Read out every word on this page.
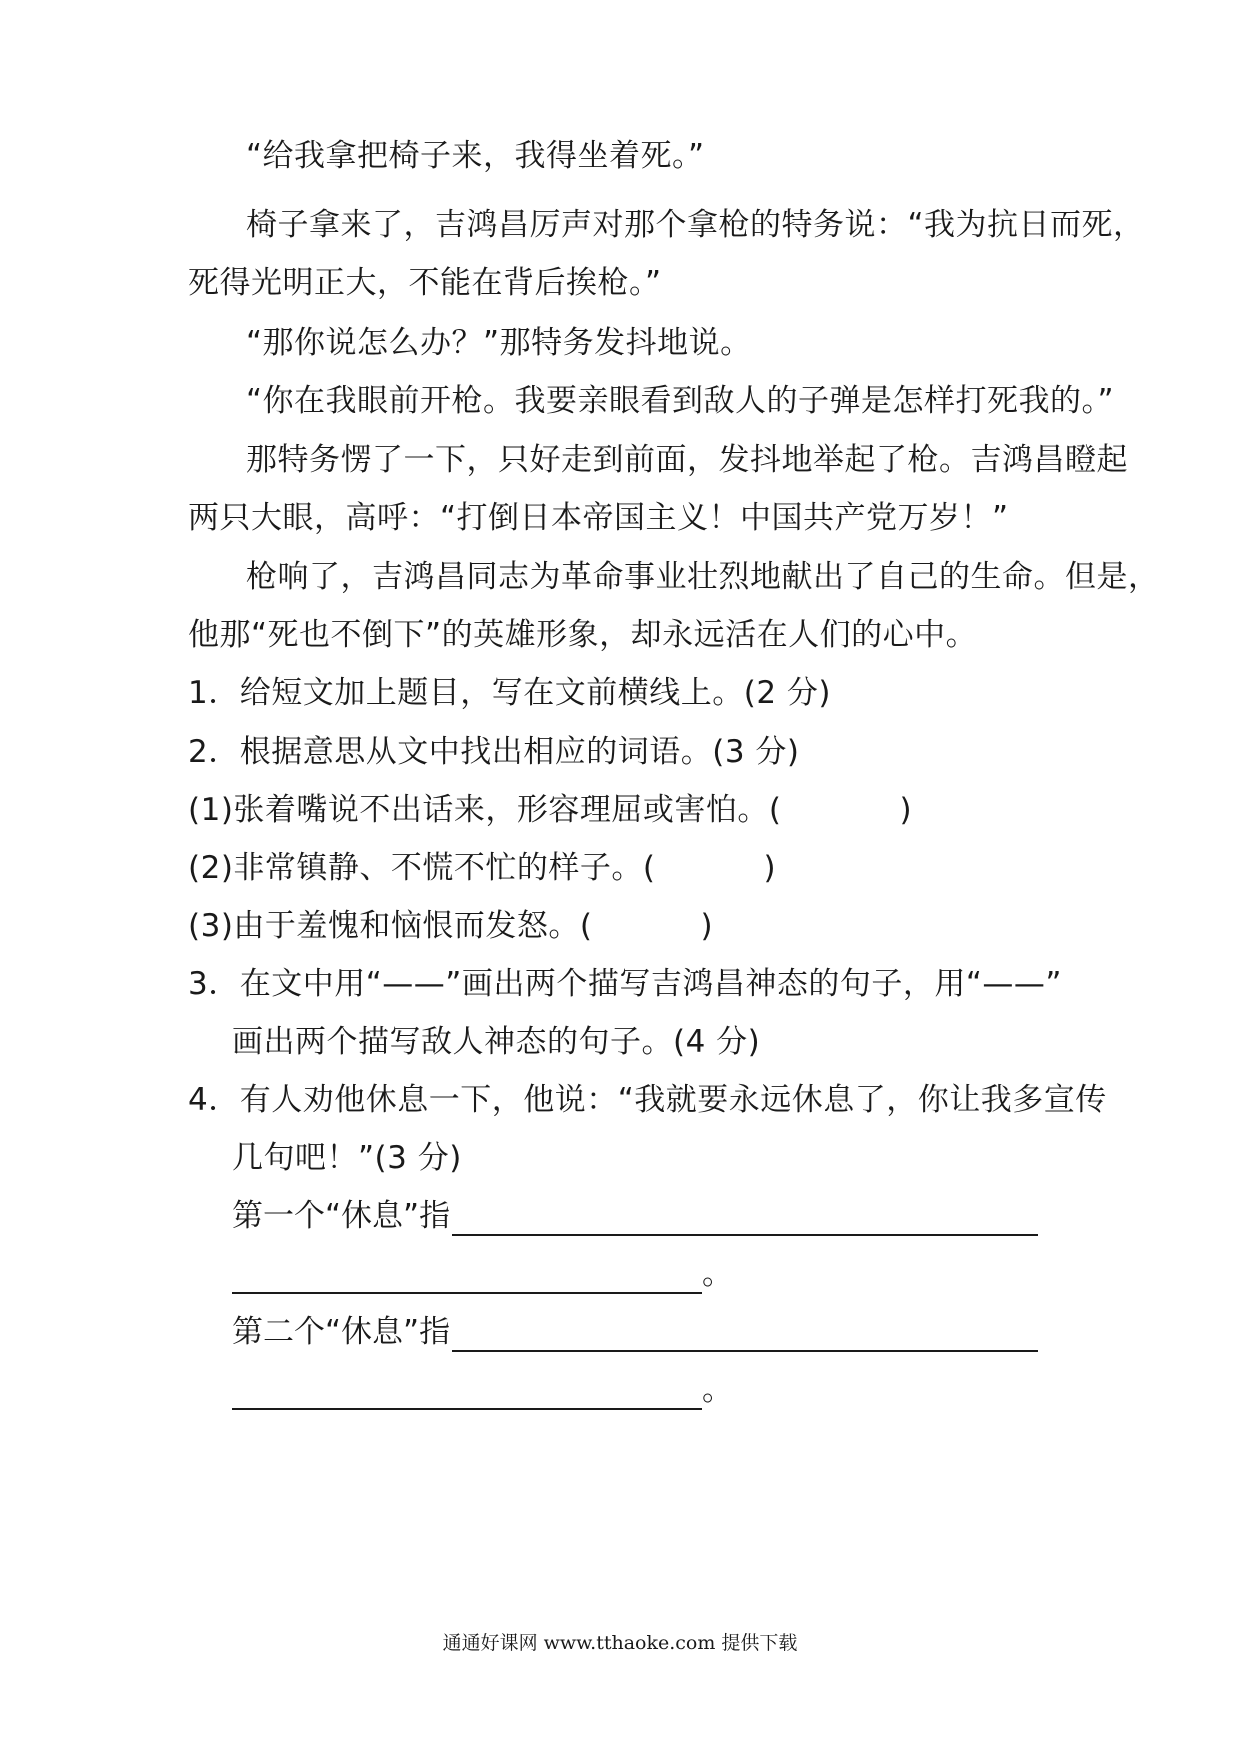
“给我拿把椅子来，我得坐着死。”
椅子拿来了，吉鸿昌厉声对那个拿枪的特务说：“我为抗日而死，
死得光明正大，不能在背后挨枪。”
“那你说怎么办？”那特务发抖地说。
“你在我眼前开枪。我要亲眼看到敌人的子弹是怎样打死我的。”
那特务愣了一下，只好走到前面，发抖地举起了枪。吉鸿昌瞪起
两只大眼，高呼：“打倒日本帝国主义！中国共产党万岁！”
枪响了，吉鸿昌同志为革命事业壮烈地献出了自己的生命。但是，
他那“死也不倒下”的英雄形象，却永远活在人们的心中。
1．给短文加上题目，写在文前横线上。(2 分)
2．根据意思从文中找出相应的词语。(3 分)
(1)张着嘴说不出话来，形容理屈或害怕。(	)
(2)非常镇静、不慌不忙的样子。(	)
(3)由于羞愧和恼恨而发怒。(	)
3．在文中用“——”画出两个描写吉鸿昌神态的句子，用“——”
画出两个描写敌人神态的句子。(4 分)
4．有人劝他休息一下，他说：“我就要永远休息了，你让我多宣传
几句吧！”(3 分)
第一个“休息”指
。
第二个“休息”指
。
通通好课网 www.tthaoke.com 提供下载
